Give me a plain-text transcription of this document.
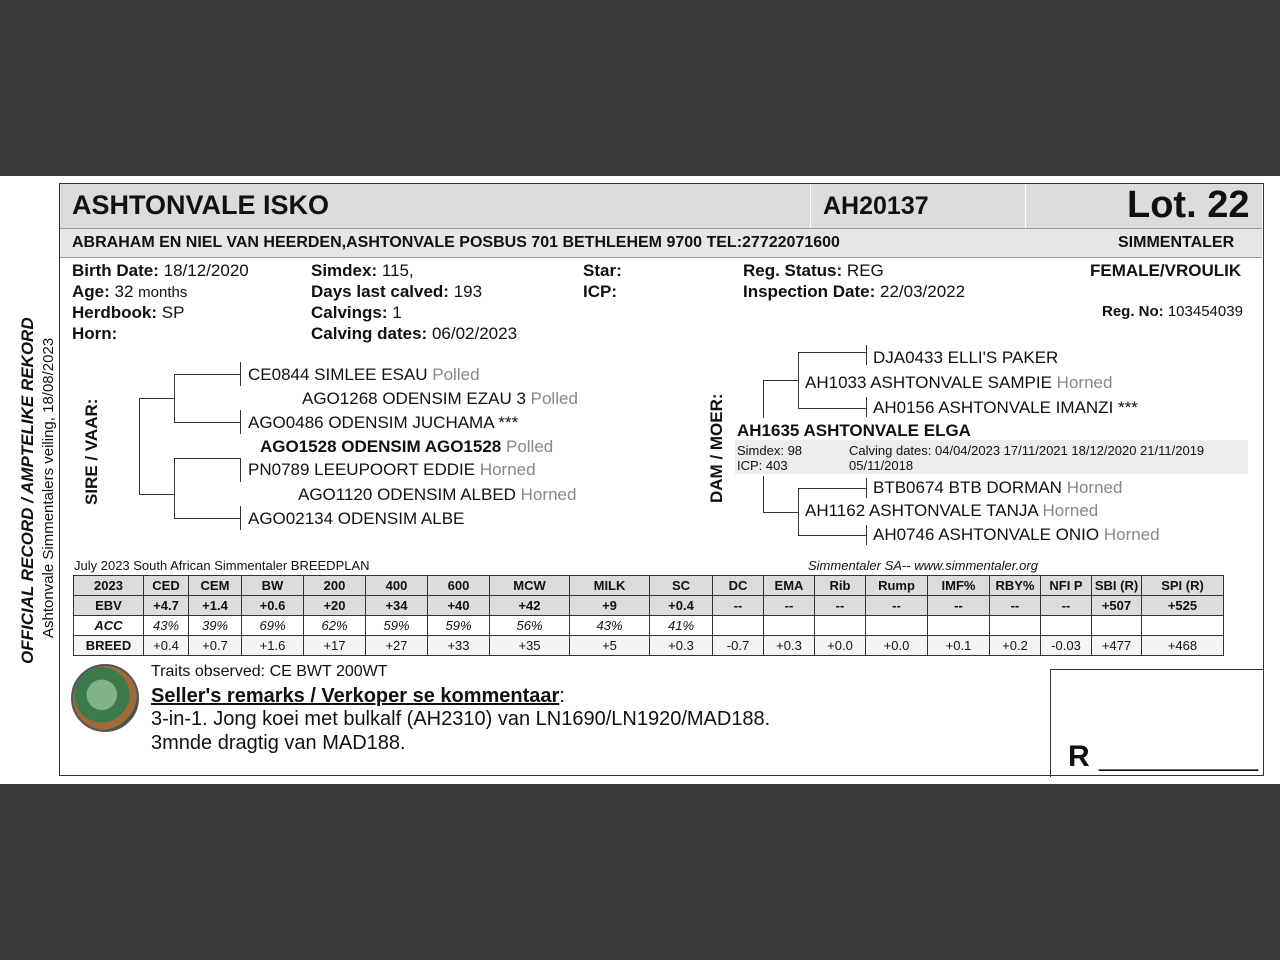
ASHTONVALE ISKO	AH20137	Lot. 22
ABRAHAM EN NIEL VAN HEERDEN,ASHTONVALE POSBUS 701 BETHLEHEM 9700 TEL:27722071600	SIMMENTALER
OFFICIAL RECORD / AMPTELIKE REKORD Ashtonvale Simmentalers veiling, 18/08/2023
Birth Date: 18/12/2020
Age: 32 months
Herdbook: SP
Horn:
Simdex: 115,
Days last calved: 193
Calvings: 1
Calving dates: 06/02/2023
Star:
ICP:
Reg. Status: REG
Inspection Date: 22/03/2022
FEMALE/VROULIK
Reg. No: 103454039
SIRE / VAAR:
CE0844 SIMLEE ESAU Polled
AGO1268 ODENSIM EZAU 3 Polled
AGO0486 ODENSIM JUCHAMA ***
AGO1528 ODENSIM AGO1528 Polled
PN0789 LEEUPOORT EDDIE Horned
AGO1120 ODENSIM ALBED Horned
AGO02134 ODENSIM ALBE
DAM / MOER:
DJA0433 ELLI'S PAKER
AH1033 ASHTONVALE SAMPIE Horned
AH0156 ASHTONVALE IMANZI ***
AH1635 ASHTONVALE ELGA
Simdex: 98
ICP: 403
Calving dates: 04/04/2023 17/11/2021 18/12/2020 21/11/2019
05/11/2018
BTB0674 BTB DORMAN Horned
AH1162 ASHTONVALE TANJA Horned
AH0746 ASHTONVALE ONIO Horned
July 2023 South African Simmentaler BREEDPLAN	Simmentaler SA-- www.simmentaler.org
2023	CED	CEM	BW	200	400	600	MCW	MILK	SC	DC	EMA	Rib	Rump	IMF%	RBY%	NFI P	SBI (R)	SPI (R)
EBV	+4.7	+1.4	+0.6	+20	+34	+40	+42	+9	+0.4	--	--	--	--	--	--	--	+507	+525
ACC	43%	39%	69%	62%	59%	59%	56%	43%	41%									
BREED	+0.4	+0.7	+1.6	+17	+27	+33	+35	+5	+0.3	-0.7	+0.3	+0.0	+0.0	+0.1	+0.2	-0.03	+477	+468
Traits observed: CE BWT 200WT
Seller's remarks / Verkoper se kommentaar:
3-in-1. Jong koei met bulkalf (AH2310) van LN1690/LN1920/MAD188.
3mnde dragtig van MAD188.	R ___________
